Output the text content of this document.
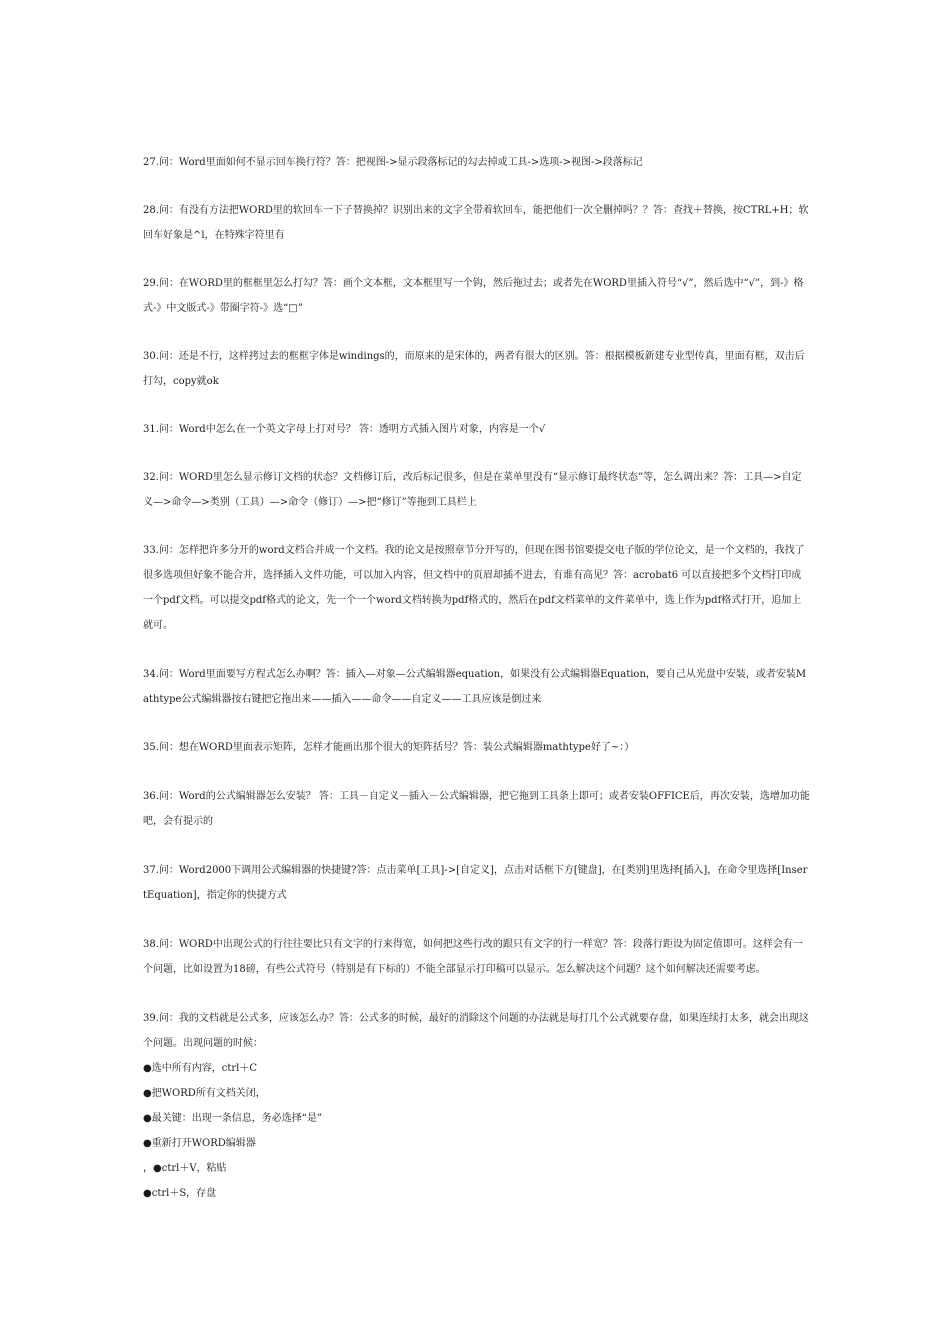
27.问：Word里面如何不显示回车换行符？答：把视图->显示段落标记的勾去掉或工具->选项->视图->段落标记

28.问：有没有方法把WORD里的软回车一下子替换掉？识别出来的文字全带着软回车，能把他们一次全删掉吗？？答：查找＋替换，按CTRL+H；软回车好象是^l，在特殊字符里有

29.问：在WORD里的框框里怎么打勾？答：画个文本框，文本框里写一个钩，然后拖过去；或者先在WORD里插入符号“√”，然后选中“√”，到-》格式-》中文版式-》带圈字符-》选“□”

30.问：还是不行，这样拷过去的框框字体是windings的，而原来的是宋体的，两者有很大的区别。答：根据模板新建专业型传真，里面有框，双击后打勾，copy就ok

31.问：Word中怎么在一个英文字母上打对号？ 答：透明方式插入图片对象，内容是一个√

32.问：WORD里怎么显示修订文档的状态？文档修订后，改后标记很多，但是在菜单里没有“显示修订最终状态”等，怎么调出来？答：工具—>自定义—>命令—>类别（工具）—>命令（修订）—>把“修订”等拖到工具栏上

33.问：怎样把许多分开的word文档合并成一个文档。我的论文是按照章节分开写的，但现在图书馆要提交电子版的学位论文，是一个文档的，我找了很多选项但好象不能合并，选择插入文件功能，可以加入内容，但文档中的页眉却插不进去，有谁有高见？答：acrobat6 可以直接把多个文档打印成一个pdf文档。可以提交pdf格式的论文，先一个一个word文档转换为pdf格式的，然后在pdf文档菜单的文件菜单中，选上作为pdf格式打开，追加上就可。

34.问：Word里面要写方程式怎么办啊？答：插入—对象—公式编辑器equation，如果没有公式编辑器Equation，要自己从光盘中安装，或者安装Mathtype公式编辑器按右键把它拖出来——插入——命令——自定义——工具应该是倒过来

35.问：想在WORD里面表示矩阵，怎样才能画出那个很大的矩阵括号？答：装公式编辑器mathtype好了~：）

36.问：Word的公式编辑器怎么安装？ 答：工具－自定义－插入－公式编辑器，把它拖到工具条上即可；或者安装OFFICE后，再次安装，选增加功能吧，会有提示的

37.问：Word2000下调用公式编辑器的快捷键?答：点击菜单[工具]->[自定义]，点击对话框下方[键盘]，在[类别]里选择[插入]，在命令里选择[InsertEquation]，指定你的快捷方式

38.问：WORD中出现公式的行往往要比只有文字的行来得宽，如何把这些行改的跟只有文字的行一样宽？答：段落行距设为固定值即可。这样会有一个问题，比如设置为18磅，有些公式符号（特别是有下标的）不能全部显示打印稿可以显示。怎么解决这个问题？这个如何解决还需要考虑。

39.问：我的文档就是公式多，应该怎么办？答：公式多的时候，最好的消除这个问题的办法就是每打几个公式就要存盘，如果连续打太多，就会出现这个问题。出现问题的时候：

●选中所有内容，ctrl＋C

●把WORD所有文档关闭，

●最关键：出现一条信息，务必选择“是”

●重新打开WORD编辑器

，●ctrl＋V，粘贴

●ctrl＋S，存盘
